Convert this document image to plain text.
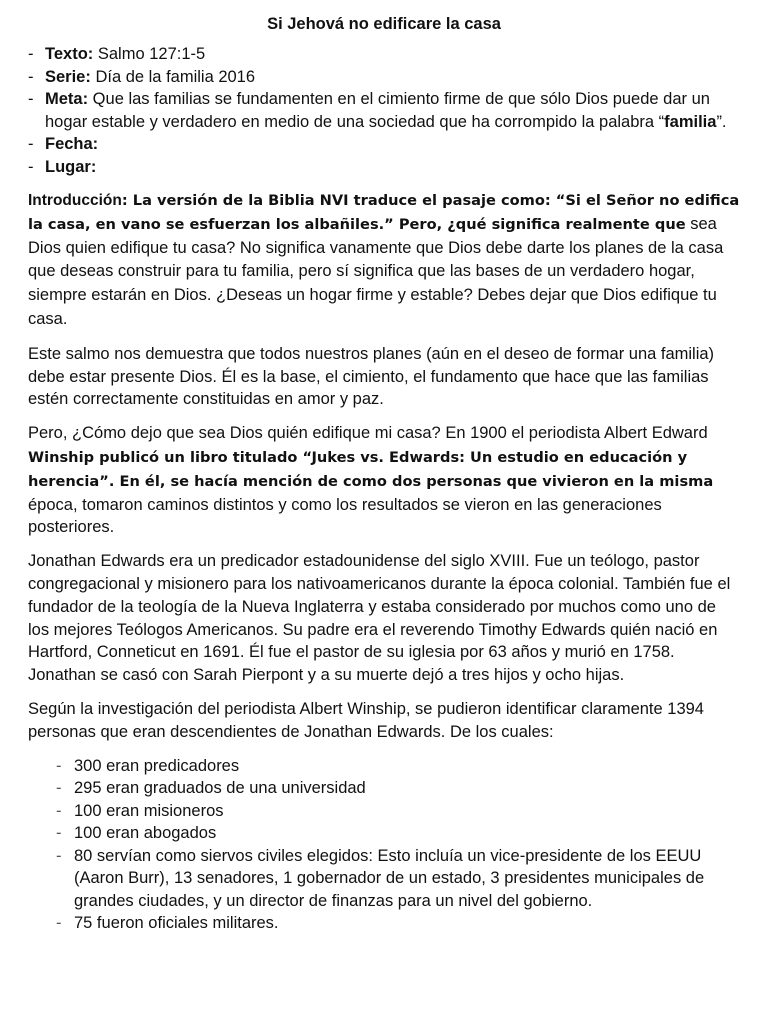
Si Jehová no edificare la casa
- Texto: Salmo 127:1-5
- Serie: Día de la familia 2016
- Meta: Que las familias se fundamenten en el cimiento firme de que sólo Dios puede dar un hogar estable y verdadero en medio de una sociedad que ha corrompido la palabra “familia”.
- Fecha:
- Lugar:

Introducción: La versión de la Biblia NVI traduce el pasaje como: “Si el Señor no edifica la casa, en vano se esfuerzan los albañiles.” Pero, ¿qué significa realmente que sea Dios quien edifique tu casa? No significa vanamente que Dios debe darte los planes de la casa que deseas construir para tu familia, pero sí significa que las bases de un verdadero hogar, siempre estarán en Dios. ¿Deseas un hogar firme y estable? Debes dejar que Dios edifique tu casa.

Este salmo nos demuestra que todos nuestros planes (aún en el deseo de formar una familia) debe estar presente Dios. Él es la base, el cimiento, el fundamento que hace que las familias estén correctamente constituidas en amor y paz.

Pero, ¿Cómo dejo que sea Dios quién edifique mi casa? En 1900 el periodista Albert Edward Winship publicó un libro titulado “Jukes vs. Edwards: Un estudio en educación y herencia”. En él, se hacía mención de como dos personas que vivieron en la misma época, tomaron caminos distintos y como los resultados se vieron en las generaciones posteriores.

Jonathan Edwards era un predicador estadounidense del siglo XVIII. Fue un teólogo, pastor congregacional y misionero para los nativoamericanos durante la época colonial. También fue el fundador de la teología de la Nueva Inglaterra y estaba considerado por muchos como uno de los mejores Teólogos Americanos. Su padre era el reverendo Timothy Edwards quién nació en Hartford, Conneticut en 1691. Él fue el pastor de su iglesia por 63 años y murió en 1758. Jonathan se casó con Sarah Pierpont y a su muerte dejó a tres hijos y ocho hijas.

Según la investigación del periodista Albert Winship, se pudieron identificar claramente 1394 personas que eran descendientes de Jonathan Edwards. De los cuales:

- 300 eran predicadores
- 295 eran graduados de una universidad
- 100 eran misioneros
- 100 eran abogados
- 80 servían como siervos civiles elegidos: Esto incluía un vice-presidente de los EEUU (Aaron Burr), 13 senadores, 1 gobernador de un estado, 3 presidentes municipales de grandes ciudades, y un director de finanzas para un nivel del gobierno.
- 75 fueron oficiales militares.
